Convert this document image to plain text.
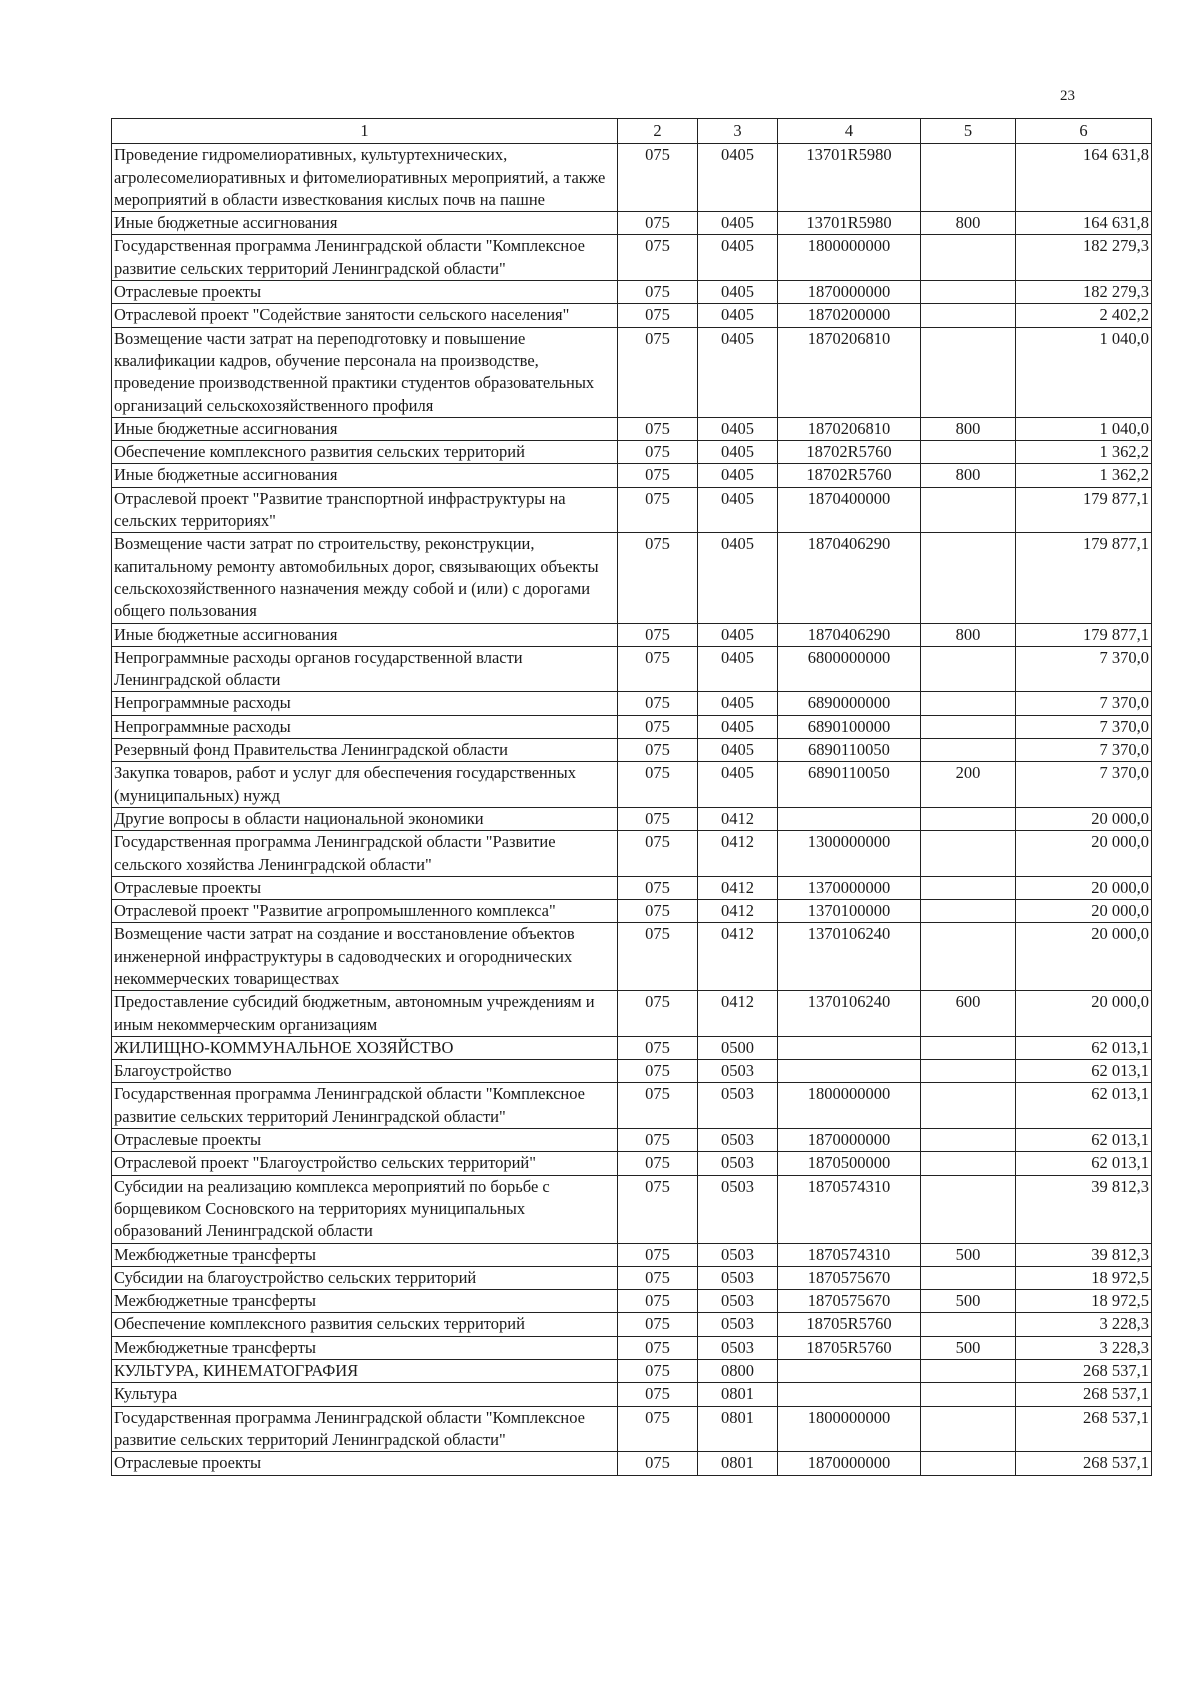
23
1	2	3	4	5	6
Проведение гидромелиоративных, культуртехнических, агролесомелиоративных и фитомелиоративных мероприятий, а также мероприятий в области известкования кислых почв на пашне	075	0405	13701R5980		164 631,8
Иные бюджетные ассигнования	075	0405	13701R5980	800	164 631,8
Государственная программа Ленинградской области "Комплексное развитие сельских территорий Ленинградской области"	075	0405	1800000000		182 279,3
Отраслевые проекты	075	0405	1870000000		182 279,3
Отраслевой проект "Содействие занятости сельского населения"	075	0405	1870200000		2 402,2
Возмещение части затрат на переподготовку и повышение квалификации кадров, обучение персонала на производстве, проведение производственной практики студентов образовательных организаций сельскохозяйственного профиля	075	0405	1870206810		1 040,0
Иные бюджетные ассигнования	075	0405	1870206810	800	1 040,0
Обеспечение комплексного развития сельских территорий	075	0405	18702R5760		1 362,2
Иные бюджетные ассигнования	075	0405	18702R5760	800	1 362,2
Отраслевой проект "Развитие транспортной инфраструктуры на сельских территориях"	075	0405	1870400000		179 877,1
Возмещение части затрат по строительству, реконструкции, капитальному ремонту автомобильных дорог, связывающих объекты сельскохозяйственного назначения между собой и (или) с дорогами общего пользования	075	0405	1870406290		179 877,1
Иные бюджетные ассигнования	075	0405	1870406290	800	179 877,1
Непрограммные расходы органов государственной власти Ленинградской области	075	0405	6800000000		7 370,0
Непрограммные расходы	075	0405	6890000000		7 370,0
Непрограммные расходы	075	0405	6890100000		7 370,0
Резервный фонд Правительства Ленинградской области	075	0405	6890110050		7 370,0
Закупка товаров, работ и услуг для обеспечения государственных (муниципальных) нужд	075	0405	6890110050	200	7 370,0
Другие вопросы в области национальной экономики	075	0412			20 000,0
Государственная программа Ленинградской области "Развитие сельского хозяйства Ленинградской области"	075	0412	1300000000		20 000,0
Отраслевые проекты	075	0412	1370000000		20 000,0
Отраслевой проект "Развитие агропромышленного комплекса"	075	0412	1370100000		20 000,0
Возмещение части затрат на создание и восстановление объектов инженерной инфраструктуры в садоводческих и огороднических некоммерческих товариществах	075	0412	1370106240		20 000,0
Предоставление субсидий бюджетным, автономным учреждениям и иным некоммерческим организациям	075	0412	1370106240	600	20 000,0
ЖИЛИЩНО-КОММУНАЛЬНОЕ ХОЗЯЙСТВО	075	0500			62 013,1
Благоустройство	075	0503			62 013,1
Государственная программа Ленинградской области "Комплексное развитие сельских территорий Ленинградской области"	075	0503	1800000000		62 013,1
Отраслевые проекты	075	0503	1870000000		62 013,1
Отраслевой проект "Благоустройство сельских территорий"	075	0503	1870500000		62 013,1
Субсидии на реализацию комплекса мероприятий по борьбе с борщевиком Сосновского на территориях муниципальных образований Ленинградской области	075	0503	1870574310		39 812,3
Межбюджетные трансферты	075	0503	1870574310	500	39 812,3
Субсидии на благоустройство сельских территорий	075	0503	1870575670		18 972,5
Межбюджетные трансферты	075	0503	1870575670	500	18 972,5
Обеспечение комплексного развития сельских территорий	075	0503	18705R5760		3 228,3
Межбюджетные трансферты	075	0503	18705R5760	500	3 228,3
КУЛЬТУРА, КИНЕМАТОГРАФИЯ	075	0800			268 537,1
Культура	075	0801			268 537,1
Государственная программа Ленинградской области "Комплексное развитие сельских территорий Ленинградской области"	075	0801	1800000000		268 537,1
Отраслевые проекты	075	0801	1870000000		268 537,1
